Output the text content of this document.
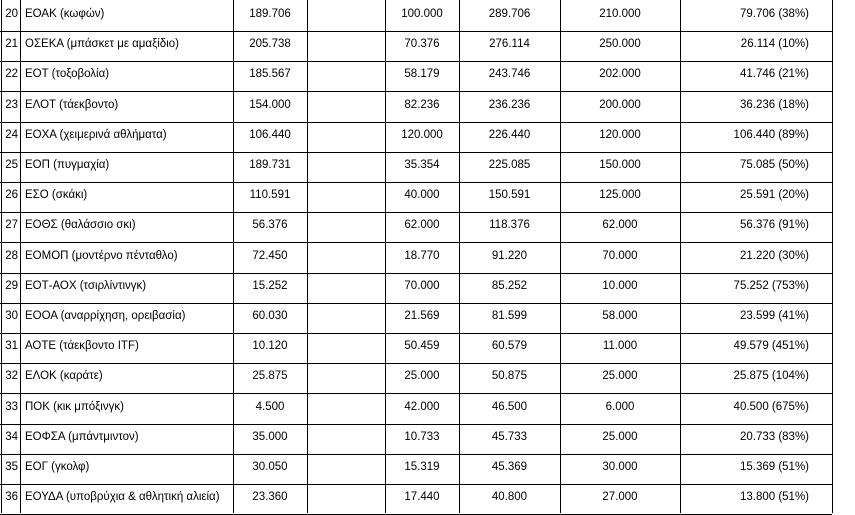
20 ΕΟΑΚ (κωφών)	189.706	100.000	289.706	210.000	79.706 (38%)
21 ΟΣΕΚΑ (μπάσκετ με αμαξίδιο)	205.738	70.376	276.114	250.000	26.114 (10%)
22 ΕΟΤ (τοξοβολία)	185.567	58.179	243.746	202.000	41.746 (21%)
23 ΕΛΟΤ (τάεκβοντο)	154.000	82.236	236.236	200.000	36.236 (18%)
24 ΕΟΧΑ (χειμερινά αθλήματα)	106.440	120.000	226.440	120.000	106.440 (89%)
25 ΕΟΠ (πυγμαχία)	189.731	35.354	225.085	150.000	75.085 (50%)
26 ΕΣΟ (σκάκι)	110.591	40.000	150.591	125.000	25.591 (20%)
27 ΕΟΘΣ (θαλάσσιο σκι)	56.376	62.000	118.376	62.000	56.376 (91%)
28 ΕΟΜΟΠ (μοντέρνο πένταθλο)	72.450	18.770	91.220	70.000	21.220 (30%)
29 ΕΟΤ-ΑΟΧ (τσιρλίντινγκ)	15.252	70.000	85.252	10.000	75.252 (753%)
30 ΕΟΟΑ (αναρρίχηση, ορειβασία)	60.030	21.569	81.599	58.000	23.599 (41%)
31 ΑΟΤΕ (τάεκβοντο ITF)	10.120	50.459	60.579	11.000	49.579 (451%)
32 ΕΛΟΚ (καράτε)	25.875	25.000	50.875	25.000	25.875 (104%)
33 ΠΟΚ (κικ μπόξινγκ)	4.500	42.000	46.500	6.000	40.500 (675%)
34 ΕΟΦΣΑ (μπάντμιντον)	35.000	10.733	45.733	25.000	20.733 (83%)
35 ΕΟΓ (γκολφ)	30.050	15.319	45.369	30.000	15.369 (51%)
36 ΕΟΥΔΑ (υποβρύχια & αθλητική αλιεία)	23.360	17.440	40.800	27.000	13.800 (51%)
